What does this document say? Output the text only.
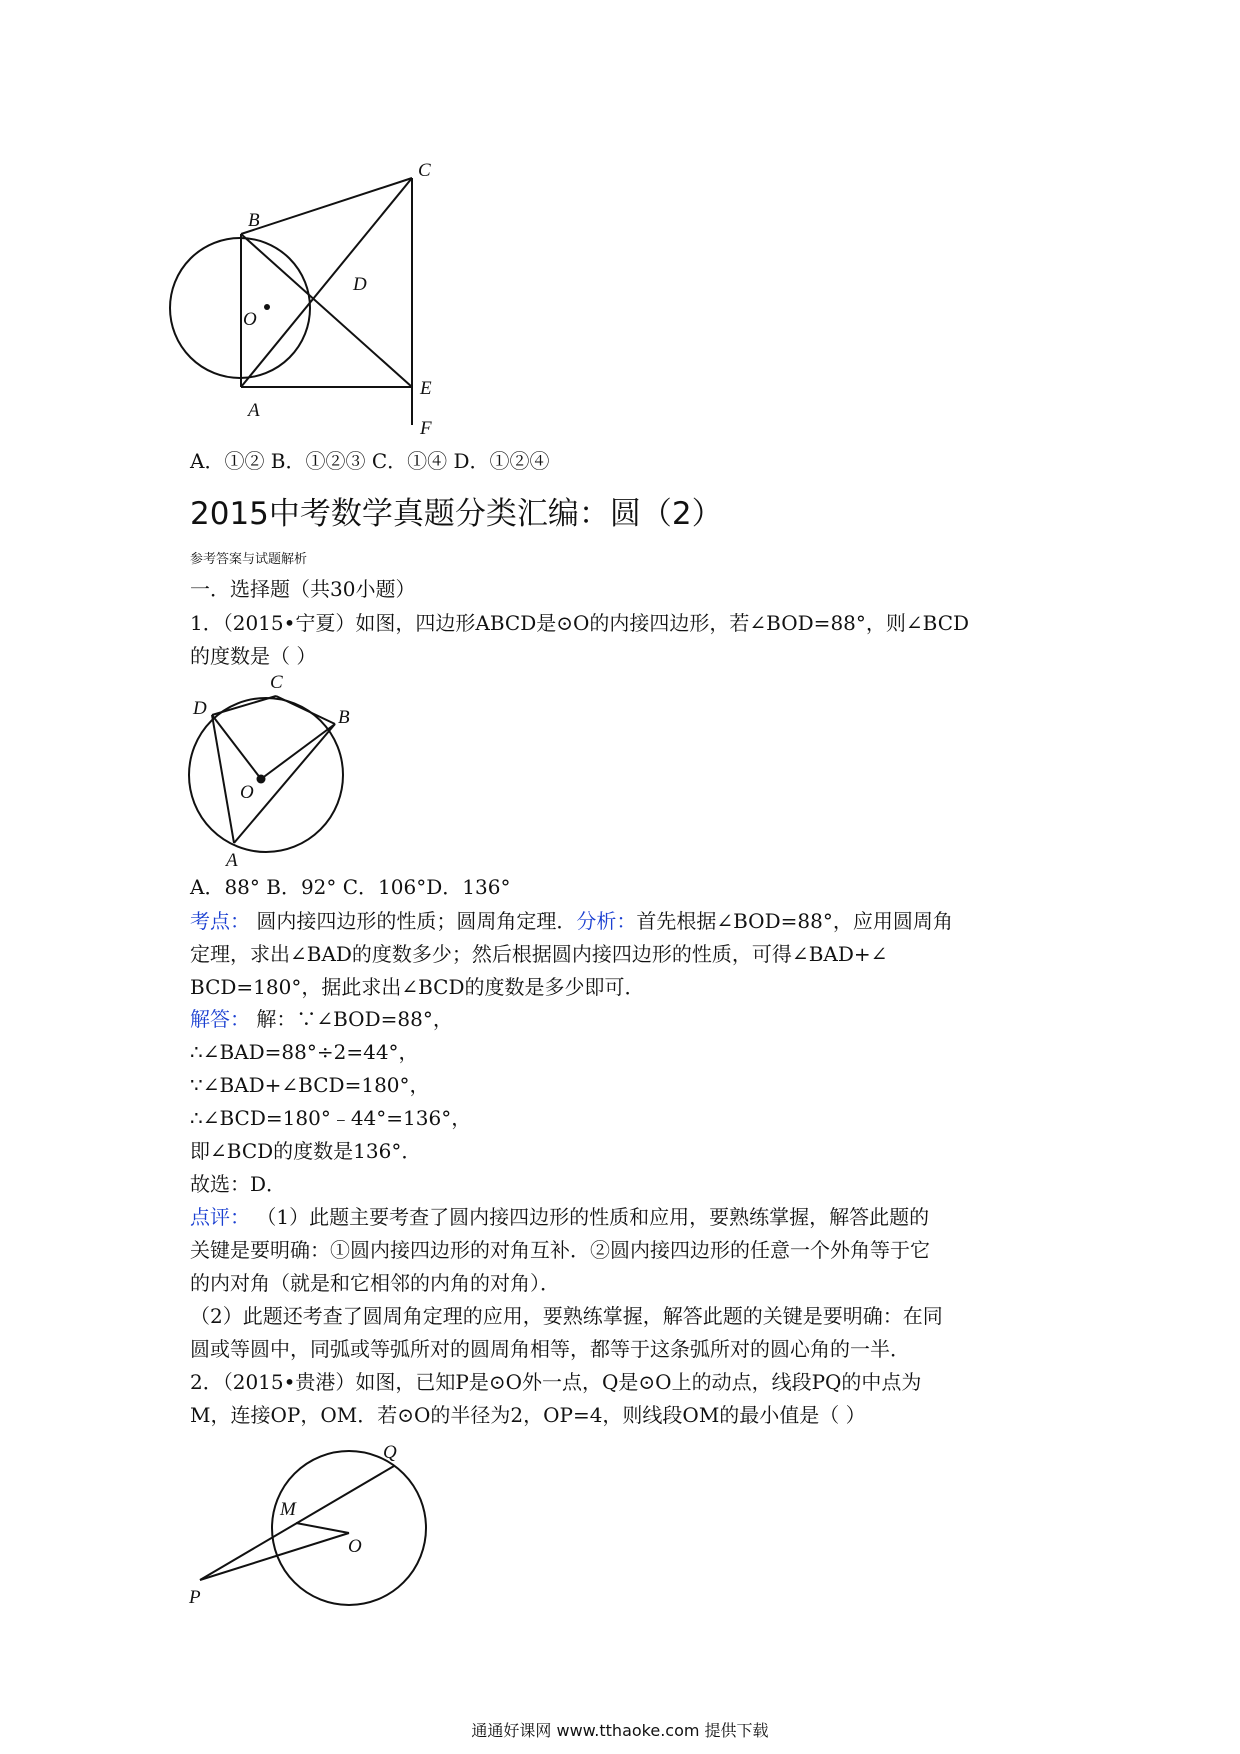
C
B
D
O
A
E
F
A．①② B．①②③ C．①④ D．①②④
2015中考数学真题分类汇编：圆（2）
参考答案与试题解析
一．选择题（共30小题）
1．（2015•宁夏）如图，四边形ABCD是⊙O的内接四边形，若∠BOD=88°，则∠BCD
的度数是（ ）
C
D	B
O
A
A．88° B．92° C．106°D．136°
考点： 圆内接四边形的性质；圆周角定理．分析：首先根据∠BOD=88°，应用圆周角
定理，求出∠BAD的度数多少；然后根据圆内接四边形的性质，可得∠BAD+∠
BCD=180°，据此求出∠BCD的度数是多少即可．
解答： 解：∵∠BOD=88°，
∴∠BAD=88°÷2=44°，
∵∠BAD+∠BCD=180°，
∴∠BCD=180°﹣44°=136°，
即∠BCD的度数是136°．
故选：D．
点评： （1）此题主要考查了圆内接四边形的性质和应用，要熟练掌握，解答此题的
关键是要明确：①圆内接四边形的对角互补．②圆内接四边形的任意一个外角等于它
的内对角（就是和它相邻的内角的对角）．
（2）此题还考查了圆周角定理的应用，要熟练掌握，解答此题的关键是要明确：在同
圆或等圆中，同弧或等弧所对的圆周角相等，都等于这条弧所对的圆心角的一半．
2．（2015•贵港）如图，已知P是⊙O外一点，Q是⊙O上的动点，线段PQ的中点为
M，连接OP，OM．若⊙O的半径为2，OP=4，则线段OM的最小值是（ ）
Q
M
O
P
通通好课网 www.tthaoke.com 提供下载
